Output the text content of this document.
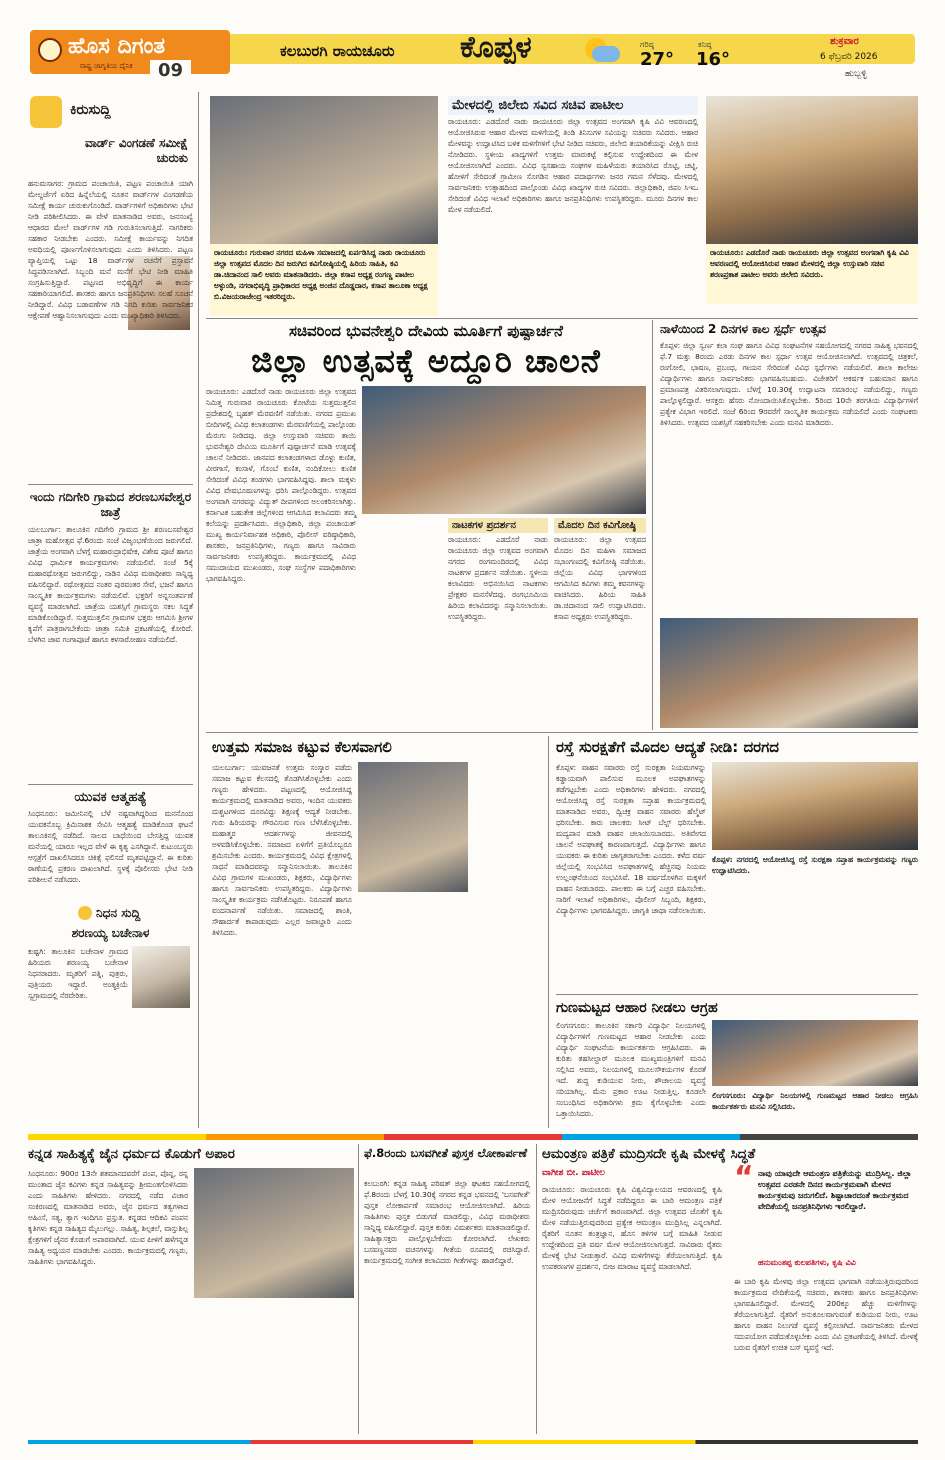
ಹೊಸ ದಿಗಂತ
ರಾಷ್ಟ್ರ ಜಾಗೃತಿಯ ದೈನಿಕ	09
ಕಲಬುರಗಿ ರಾಯಚೂರು ಕೊಪ್ಪಳ	ಗರಿಷ್ಠ
27°
ಕನಿಷ್ಠ
16°
ಶುಕ್ರವಾರ
6 ಫೆಬ್ರವರಿ 2026
ಹುಬ್ಬಳ್ಳಿ
ಕಿರುಸುದ್ದಿ
ವಾರ್ಡ್ ವಿಂಗಡಣೆ ಸಮೀಕ್ಷೆ ಚುರುಕು
ಹನುಮಸಾಗರ: ಗ್ರಾಮದ ಪಂಚಾಯಿತಿ, ಪಟ್ಟಣ ಪಂಚಾಯಿತಿ ಯಾಗಿ ಮೇಲ್ದರ್ಜೆಗೆ ಏರಿದ ಹಿನ್ನೆಲೆಯಲ್ಲಿ ನೂತನ ವಾರ್ಡ್‌ಗಳ ವಿಂಗಡಣೆಯ ಸಮೀಕ್ಷೆ ಕಾರ್ಯ ಚುರುಕುಗೊಂಡಿದೆ. ವಾರ್ಡ್‌ಗಳಿಗೆ ಅಧಿಕಾರಿಗಳು ಭೇಟಿ ನೀಡಿ ಪರಿಶೀಲಿಸಿದರು. ಈ ವೇಳೆ ಮಾತನಾಡಿದ ಅವರು, ಜನಸಂಖ್ಯೆ ಆಧಾರದ ಮೇಲೆ ವಾರ್ಡ್‌ಗಳ ಗಡಿ ಗುರುತಿಸಲಾಗುತ್ತಿದೆ. ನಾಗರಿಕರು ಸಹಕಾರ ನೀಡಬೇಕು ಎಂದರು. ಸಮೀಕ್ಷೆ ಕಾರ್ಯವನ್ನು ನಿಗದಿತ ಅವಧಿಯಲ್ಲಿ ಪೂರ್ಣಗೊಳಿಸಲಾಗುವುದು ಎಂದು ತಿಳಿಸಿದರು. ಪಟ್ಟಣ ವ್ಯಾಪ್ತಿಯಲ್ಲಿ ಒಟ್ಟು 18 ವಾರ್ಡ್‌ಗಳ ರಚನೆಗೆ ಪ್ರಸ್ತಾವನೆ ಸಿದ್ಧಪಡಿಸಲಾಗಿದೆ. ಸಿಬ್ಬಂದಿ ಮನೆ ಮನೆಗೆ ಭೇಟಿ ನೀಡಿ ಮಾಹಿತಿ ಸಂಗ್ರಹಿಸುತ್ತಿದ್ದಾರೆ. ಪಟ್ಟಣದ ಅಭಿವೃದ್ಧಿಗೆ ಈ ಕಾರ್ಯ ಸಹಕಾರಿಯಾಗಲಿದೆ. ಶಾಸಕರು ಹಾಗೂ ಜನಪ್ರತಿನಿಧಿಗಳು ಸಲಹೆ ಸೂಚನೆ ನೀಡಿದ್ದಾರೆ. ವಿವಿಧ ಬಡಾವಣೆಗಳ ಗಡಿ ನಿಗದಿ ಕುರಿತು ಸಾರ್ವಜನಿಕರ ಆಕ್ಷೇಪಣೆ ಆಹ್ವಾನಿಸಲಾಗುವುದು ಎಂದು ಮುಖ್ಯಾಧಿಕಾರಿ ತಿಳಿಸಿದರು.
ಇಂದು ಗದಿಗೇರಿ ಗ್ರಾಮದ ಶರಣಬಸವೇಶ್ವರ ಜಾತ್ರೆ
ಯಲಬುರ್ಗಾ: ತಾಲೂಕಿನ ಗದಿಗೇರಿ ಗ್ರಾಮದ ಶ್ರೀ ಶರಣಬಸವೇಶ್ವರ ಜಾತ್ರಾ ಮಹೋತ್ಸವ ಫೆ.6ರಂದು ಸಂಜೆ ವಿಜೃಂಭಣೆಯಿಂದ ಜರುಗಲಿದೆ. ಜಾತ್ರೆಯ ಅಂಗವಾಗಿ ಬೆಳಗ್ಗೆ ಮಹಾರುದ್ರಾಭಿಷೇಕ, ವಿಶೇಷ ಪೂಜೆ ಹಾಗೂ ವಿವಿಧ ಧಾರ್ಮಿಕ ಕಾರ್ಯಕ್ರಮಗಳು ನಡೆಯಲಿವೆ. ಸಂಜೆ 5ಕ್ಕೆ ಮಹಾರಥೋತ್ಸವ ಜರುಗಲಿದ್ದು, ನಾಡಿನ ವಿವಿಧ ಮಠಾಧೀಶರು ಸಾನ್ನಿಧ್ಯ ವಹಿಸಲಿದ್ದಾರೆ. ರಥೋತ್ಸವದ ನಂತರ ಪುರವಂತರ ಸೇವೆ, ಭಜನೆ ಹಾಗೂ ಸಾಂಸ್ಕೃತಿಕ ಕಾರ್ಯಕ್ರಮಗಳು ನಡೆಯಲಿವೆ. ಭಕ್ತರಿಗೆ ಅನ್ನಸಂತರ್ಪಣೆ ವ್ಯವಸ್ಥೆ ಮಾಡಲಾಗಿದೆ. ಜಾತ್ರೆಯ ಯಶಸ್ಸಿಗೆ ಗ್ರಾಮಸ್ಥರು ಸಕಲ ಸಿದ್ಧತೆ ಮಾಡಿಕೊಂಡಿದ್ದಾರೆ. ಸುತ್ತಮುತ್ತಲಿನ ಗ್ರಾಮಗಳ ಭಕ್ತರು ಆಗಮಿಸಿ ಶ್ರೀಗಳ ಕೃಪೆಗೆ ಪಾತ್ರರಾಗಬೇಕೆಂದು ಜಾತ್ರಾ ಸಮಿತಿ ಪ್ರಕಟಣೆಯಲ್ಲಿ ಕೋರಿದೆ. ಬೆಳಗಿನ ಜಾವ ಗಂಗಾಪೂಜೆ ಹಾಗೂ ಕಳಸಾರೋಹಣ ನಡೆಯಲಿದೆ.
ಯುವಕ ಆತ್ಮಹತ್ಯೆ
ಸಿಂಧನೂರು: ಜಮೀನಿನಲ್ಲಿ ಬೆಳೆ ನಷ್ಟವಾಗಿದ್ದರಿಂದ ಮನನೊಂದ ಯುವಕನೊಬ್ಬ ಕ್ರಿಮಿನಾಶಕ ಸೇವಿಸಿ ಆತ್ಮಹತ್ಯೆ ಮಾಡಿಕೊಂಡ ಘಟನೆ ತಾಲೂಕಿನಲ್ಲಿ ನಡೆದಿದೆ. ಸಾಲದ ಬಾಧೆಯಿಂದ ಬೇಸತ್ತಿದ್ದ ಯುವಕ ಮನೆಯಲ್ಲಿ ಯಾರೂ ಇಲ್ಲದ ವೇಳೆ ಈ ಕೃತ್ಯ ಎಸಗಿದ್ದಾನೆ. ಕುಟುಂಬಸ್ಥರು ಆಸ್ಪತ್ರೆಗೆ ದಾಖಲಿಸಿದರೂ ಚಿಕಿತ್ಸೆ ಫಲಿಸದೆ ಮೃತಪಟ್ಟಿದ್ದಾನೆ. ಈ ಕುರಿತು ಠಾಣೆಯಲ್ಲಿ ಪ್ರಕರಣ ದಾಖಲಾಗಿದೆ. ಸ್ಥಳಕ್ಕೆ ಪೊಲೀಸರು ಭೇಟಿ ನೀಡಿ ಪರಿಶೀಲನೆ ನಡೆಸಿದರು.
ನಿಧನ ಸುದ್ದಿ
ಶರಣಯ್ಯ ಬಚೇನಾಳ
ಕುಷ್ಟಗಿ: ತಾಲೂಕಿನ ಬಚೇನಾಳ ಗ್ರಾಮದ ಹಿರಿಯರು ಶರಣಯ್ಯ ಬಚೇನಾಳ ನಿಧನರಾದರು. ಮೃತರಿಗೆ ಪತ್ನಿ, ಪುತ್ರರು, ಪುತ್ರಿಯರು ಇದ್ದಾರೆ. ಅಂತ್ಯಕ್ರಿಯೆ ಸ್ವಗ್ರಾಮದಲ್ಲಿ ನೆರವೇರಿತು.
ರಾಯಚೂರು: ಗುರುವಾರ ನಗರದ ಮಹಿಳಾ ಸಮಾಜದಲ್ಲಿ ಏರ್ಪಡಿಸಿದ್ದ ನಾಡು ರಾಯಚೂರು ಜಿಲ್ಲಾ ಉತ್ಸವದ ಮೊದಲ ದಿನ ಜರುಗಿದ ಕವಿಗೋಷ್ಠಿಯಲ್ಲಿ ಹಿರಿಯ ಸಾಹಿತಿ, ಕವಿ ಡಾ.ಚಿದಾನಂದ ಸಾಲಿ ಅವರು ಮಾತನಾಡಿದರು. ಜಿಲ್ಲಾ ಕಸಾಪ ಅಧ್ಯಕ್ಷ ರಂಗಣ್ಣ ಪಾಟೀಲ ಅಳ್ಳುಂಡಿ, ನಗರಾಭಿವೃದ್ಧಿ ಪ್ರಾಧಿಕಾರದ ಅಧ್ಯಕ್ಷ ಅಂಜಿನ ದೊಡ್ಡದಾರ, ಕಸಾಪ ತಾಲೂಕಾ ಅಧ್ಯಕ್ಷ ಬಿ.ವಿಜಯರಾಜೇಂದ್ರ ಇತರರಿದ್ದರು.
ಮೇಳದಲ್ಲಿ ಜಿಲೇಬಿ ಸವಿದ ಸಚಿವ ಪಾಟೀಲ
ರಾಯಚೂರು: ಎಡದೊರೆ ನಾಡು ರಾಯಚೂರು ಜಿಲ್ಲಾ ಉತ್ಸವದ ಅಂಗವಾಗಿ ಕೃಷಿ ವಿವಿ ಆವರಣದಲ್ಲಿ ಆಯೋಜಿಸಿರುವ ಆಹಾರ ಮೇಳದ ಮಳಿಗೆಯಲ್ಲಿ ತಿಂಡಿ ತಿನಿಸುಗಳ ಸವಿಯನ್ನು ಸಚಿವರು ಸವಿದರು. ಆಹಾರ ಮೇಳವನ್ನು ಉದ್ಘಾಟಿಸಿದ ಬಳಿಕ ಮಳಿಗೆಗಳಿಗೆ ಭೇಟಿ ನೀಡಿದ ಸಚಿವರು, ಜಿಲೇಬಿ ತಯಾರಿಕೆಯನ್ನು ವೀಕ್ಷಿಸಿ ರುಚಿ ನೋಡಿದರು. ಸ್ಥಳೀಯ ಖಾದ್ಯಗಳಿಗೆ ಉತ್ತಮ ಮಾರುಕಟ್ಟೆ ಕಲ್ಪಿಸುವ ಉದ್ದೇಶದಿಂದ ಈ ಮೇಳ ಆಯೋಜಿಸಲಾಗಿದೆ ಎಂದರು. ವಿವಿಧ ಸ್ವಸಹಾಯ ಸಂಘಗಳ ಮಹಿಳೆಯರು ತಯಾರಿಸಿದ ರೊಟ್ಟಿ, ಚಟ್ನಿ, ಹೋಳಿಗೆ ಸೇರಿದಂತೆ ಗ್ರಾಮೀಣ ಸೊಗಡಿನ ಆಹಾರ ಪದಾರ್ಥಗಳು ಜನರ ಗಮನ ಸೆಳೆದವು. ಮೇಳದಲ್ಲಿ ಸಾರ್ವಜನಿಕರು ಉತ್ಸಾಹದಿಂದ ಪಾಲ್ಗೊಂಡು ವಿವಿಧ ಖಾದ್ಯಗಳ ರುಚಿ ಸವಿದರು. ಜಿಲ್ಲಾಧಿಕಾರಿ, ಜಿಪಂ ಸಿಇಒ ಸೇರಿದಂತೆ ವಿವಿಧ ಇಲಾಖೆ ಅಧಿಕಾರಿಗಳು ಹಾಗೂ ಜನಪ್ರತಿನಿಧಿಗಳು ಉಪಸ್ಥಿತರಿದ್ದರು. ಮೂರು ದಿನಗಳ ಕಾಲ ಮೇಳ ನಡೆಯಲಿದೆ.
ರಾಯಚೂರು: ಎಡದೊರೆ ನಾಡು ರಾಯಚೂರು ಜಿಲ್ಲಾ ಉತ್ಸವದ ಅಂಗವಾಗಿ ಕೃಷಿ ವಿವಿ ಆವರಣದಲ್ಲಿ ಆಯೋಜಿಸಿರುವ ಆಹಾರ ಮೇಳದಲ್ಲಿ ಜಿಲ್ಲಾ ಉಸ್ತುವಾರಿ ಸಚಿವ ಶರಣಪ್ರಕಾಶ ಪಾಟೀಲ ಅವರು ಜಿಲೇಬಿ ಸವಿದರು.
ಸಚಿವರಿಂದ ಭುವನೇಶ್ವರಿ ದೇವಿಯ ಮೂರ್ತಿಗೆ ಪುಷ್ಪಾರ್ಚನೆ
ಜಿಲ್ಲಾ ಉತ್ಸವಕ್ಕೆ ಅದ್ದೂರಿ ಚಾಲನೆ
ರಾಯಚೂರು: ಎಡದೊರೆ ನಾಡು ರಾಯಚೂರು ಜಿಲ್ಲಾ ಉತ್ಸವದ ನಿಮಿತ್ತ ಗುರುವಾರ ರಾಯಚೂರು ಕೋಟೆಯ ಸುತ್ತಮುತ್ತಲಿನ ಪ್ರದೇಶದಲ್ಲಿ ಬೃಹತ್ ಮೆರವಣಿಗೆ ನಡೆಯಿತು. ನಗರದ ಪ್ರಮುಖ ಬೀದಿಗಳಲ್ಲಿ ವಿವಿಧ ಕಲಾತಂಡಗಳು ಮೆರವಣಿಗೆಯಲ್ಲಿ ಪಾಲ್ಗೊಂಡು ಮೆರುಗು ನೀಡಿದವು. ಜಿಲ್ಲಾ ಉಸ್ತುವಾರಿ ಸಚಿವರು ತಾಯಿ ಭುವನೇಶ್ವರಿ ದೇವಿಯ ಮೂರ್ತಿಗೆ ಪುಷ್ಪಾರ್ಚನೆ ಮಾಡಿ ಉತ್ಸವಕ್ಕೆ ಚಾಲನೆ ನೀಡಿದರು. ಜಾನಪದ ಕಲಾತಂಡಗಳಾದ ಡೊಳ್ಳು ಕುಣಿತ, ವೀರಗಾಸೆ, ಕಂಸಾಳೆ, ಗೊಂಬೆ ಕುಣಿತ, ನಂದಿಕೋಲು ಕುಣಿತ ಸೇರಿದಂತೆ ವಿವಿಧ ತಂಡಗಳು ಭಾಗವಹಿಸಿದ್ದವು. ಶಾಲಾ ಮಕ್ಕಳು ವಿವಿಧ ವೇಷಭೂಷಣಗಳನ್ನು ಧರಿಸಿ ಪಾಲ್ಗೊಂಡಿದ್ದರು. ಉತ್ಸವದ ಅಂಗವಾಗಿ ನಗರವನ್ನು ವಿದ್ಯುತ್ ದೀಪಗಳಿಂದ ಅಲಂಕರಿಸಲಾಗಿತ್ತು. ಕರ್ನಾಟಕ ಬಹುತೇಕ ಜಿಲ್ಲೆಗಳಿಂದ ಆಗಮಿಸಿದ ಕಲಾವಿದರು ತಮ್ಮ ಕಲೆಯನ್ನು ಪ್ರದರ್ಶಿಸಿದರು. ಜಿಲ್ಲಾಧಿಕಾರಿ, ಜಿಲ್ಲಾ ಪಂಚಾಯತ್ ಮುಖ್ಯ ಕಾರ್ಯನಿರ್ವಾಹಕ ಅಧಿಕಾರಿ, ಪೊಲೀಸ್ ವರಿಷ್ಠಾಧಿಕಾರಿ, ಶಾಸಕರು, ಜನಪ್ರತಿನಿಧಿಗಳು, ಗಣ್ಯರು ಹಾಗೂ ಸಾವಿರಾರು ಸಾರ್ವಜನಿಕರು ಉಪಸ್ಥಿತರಿದ್ದರು. ಕಾರ್ಯಕ್ರಮದಲ್ಲಿ ವಿವಿಧ ಸಮುದಾಯದ ಮುಖಂಡರು, ಸಂಘ ಸಂಸ್ಥೆಗಳ ಪದಾಧಿಕಾರಿಗಳು ಭಾಗವಹಿಸಿದ್ದರು.
ನಾಟಕಗಳ ಪ್ರದರ್ಶನ
ರಾಯಚೂರು: ಎಡದೊರೆ ನಾಡು ರಾಯಚೂರು ಜಿಲ್ಲಾ ಉತ್ಸವದ ಅಂಗವಾಗಿ ನಗರದ ರಂಗಮಂದಿರದಲ್ಲಿ ವಿವಿಧ ನಾಟಕಗಳ ಪ್ರದರ್ಶನ ನಡೆಯಿತು. ಸ್ಥಳೀಯ ಕಲಾವಿದರು ಅಭಿನಯಿಸಿದ ನಾಟಕಗಳು ಪ್ರೇಕ್ಷಕರ ಮನಸೆಳೆದವು. ರಂಗಭೂಮಿಯ ಹಿರಿಯ ಕಲಾವಿದರನ್ನು ಸನ್ಮಾನಿಸಲಾಯಿತು. ಉಪಸ್ಥಿತರಿದ್ದರು.
ಮೊದಲ ದಿನ ಕವಿಗೋಷ್ಠಿ
ರಾಯಚೂರು: ಜಿಲ್ಲಾ ಉತ್ಸವದ ಮೊದಲ ದಿನ ಮಹಿಳಾ ಸಮಾಜದ ಸಭಾಂಗಣದಲ್ಲಿ ಕವಿಗೋಷ್ಠಿ ನಡೆಯಿತು. ಜಿಲ್ಲೆಯ ವಿವಿಧ ಭಾಗಗಳಿಂದ ಆಗಮಿಸಿದ ಕವಿಗಳು ತಮ್ಮ ಕವನಗಳನ್ನು ವಾಚಿಸಿದರು. ಹಿರಿಯ ಸಾಹಿತಿ ಡಾ.ಚಿದಾನಂದ ಸಾಲಿ ಉದ್ಘಾಟಿಸಿದರು. ಕಸಾಪ ಅಧ್ಯಕ್ಷರು ಉಪಸ್ಥಿತರಿದ್ದರು.
ನಾಳೆಯಿಂದ 2 ದಿನಗಳ ಕಾಲ ಸ್ಪರ್ಧೆ ಉತ್ಸವ
ಕೊಪ್ಪಳ: ಜಿಲ್ಲಾ ಸ್ವರ್ಣ ಕಲಾ ಸಂಘ ಹಾಗೂ ವಿವಿಧ ಸಂಘಟನೆಗಳ ಸಹಯೋಗದಲ್ಲಿ ನಗರದ ಸಾಹಿತ್ಯ ಭವನದಲ್ಲಿ ಫೆ.7 ಮತ್ತು 8ರಂದು ಎರಡು ದಿನಗಳ ಕಾಲ ಸ್ಪರ್ಧಾ ಉತ್ಸವ ಆಯೋಜಿಸಲಾಗಿದೆ. ಉತ್ಸವದಲ್ಲಿ ಚಿತ್ರಕಲೆ, ರಂಗೋಲಿ, ಭಾಷಣ, ಪ್ರಬಂಧ, ಗಾಯನ ಸೇರಿದಂತೆ ವಿವಿಧ ಸ್ಪರ್ಧೆಗಳು ನಡೆಯಲಿವೆ. ಶಾಲಾ ಕಾಲೇಜು ವಿದ್ಯಾರ್ಥಿಗಳು ಹಾಗೂ ಸಾರ್ವಜನಿಕರು ಭಾಗವಹಿಸಬಹುದು. ವಿಜೇತರಿಗೆ ಆಕರ್ಷಕ ಬಹುಮಾನ ಹಾಗೂ ಪ್ರಮಾಣಪತ್ರ ವಿತರಿಸಲಾಗುವುದು. ಬೆಳಗ್ಗೆ 10.30ಕ್ಕೆ ಉದ್ಘಾಟನಾ ಸಮಾರಂಭ ನಡೆಯಲಿದ್ದು, ಗಣ್ಯರು ಪಾಲ್ಗೊಳ್ಳಲಿದ್ದಾರೆ. ಆಸಕ್ತರು ಹೆಸರು ನೋಂದಾಯಿಸಿಕೊಳ್ಳಬೇಕು. 5ರಿಂದ 10ನೇ ತರಗತಿಯ ವಿದ್ಯಾರ್ಥಿಗಳಿಗೆ ಪ್ರತ್ಯೇಕ ವಿಭಾಗ ಇರಲಿದೆ. ಸಂಜೆ 6ರಿಂದ 9ರವರೆಗೆ ಸಾಂಸ್ಕೃತಿಕ ಕಾರ್ಯಕ್ರಮ ನಡೆಯಲಿದೆ ಎಂದು ಸಂಘಟಕರು ತಿಳಿಸಿದರು. ಉತ್ಸವದ ಯಶಸ್ಸಿಗೆ ಸಹಕರಿಸಬೇಕು ಎಂದು ಮನವಿ ಮಾಡಿದರು.
ಉತ್ತಮ ಸಮಾಜ ಕಟ್ಟುವ ಕೆಲಸವಾಗಲಿ
ಯಲಬುರ್ಗಾ: ಯುವಜನತೆ ಉತ್ತಮ ಸಂಸ್ಕಾರ ಪಡೆದು ಸಮಾಜ ಕಟ್ಟುವ ಕೆಲಸದಲ್ಲಿ ತೊಡಗಿಸಿಕೊಳ್ಳಬೇಕು ಎಂದು ಗಣ್ಯರು ಹೇಳಿದರು. ಪಟ್ಟಣದಲ್ಲಿ ಆಯೋಜಿಸಿದ್ದ ಕಾರ್ಯಕ್ರಮದಲ್ಲಿ ಮಾತನಾಡಿದ ಅವರು, ಇಂದಿನ ಯುವಕರು ದುಶ್ಚಟಗಳಿಂದ ದೂರವಿದ್ದು ಶಿಕ್ಷಣಕ್ಕೆ ಆದ್ಯತೆ ನೀಡಬೇಕು. ಗುರು ಹಿರಿಯರನ್ನು ಗೌರವಿಸುವ ಗುಣ ಬೆಳೆಸಿಕೊಳ್ಳಬೇಕು. ಮಹಾತ್ಮರ ಆದರ್ಶಗಳನ್ನು ಜೀವನದಲ್ಲಿ ಅಳವಡಿಸಿಕೊಳ್ಳಬೇಕು. ಸಮಾಜದ ಏಳಿಗೆಗೆ ಪ್ರತಿಯೊಬ್ಬರೂ ಶ್ರಮಿಸಬೇಕು ಎಂದರು. ಕಾರ್ಯಕ್ರಮದಲ್ಲಿ ವಿವಿಧ ಕ್ಷೇತ್ರಗಳಲ್ಲಿ ಸಾಧನೆ ಮಾಡಿದವರನ್ನು ಸನ್ಮಾನಿಸಲಾಯಿತು. ತಾಲೂಕಿನ ವಿವಿಧ ಗ್ರಾಮಗಳ ಮುಖಂಡರು, ಶಿಕ್ಷಕರು, ವಿದ್ಯಾರ್ಥಿಗಳು ಹಾಗೂ ಸಾರ್ವಜನಿಕರು ಉಪಸ್ಥಿತರಿದ್ದರು. ವಿದ್ಯಾರ್ಥಿಗಳು ಸಾಂಸ್ಕೃತಿಕ ಕಾರ್ಯಕ್ರಮ ನಡೆಸಿಕೊಟ್ಟರು. ನಿರೂಪಣೆ ಹಾಗೂ ವಂದನಾರ್ಪಣೆ ನಡೆಯಿತು. ಸಮಾಜದಲ್ಲಿ ಶಾಂತಿ, ಸೌಹಾರ್ದತೆ ಕಾಪಾಡುವುದು ಎಲ್ಲರ ಜವಾಬ್ದಾರಿ ಎಂದು ತಿಳಿಸಿದರು.
ರಸ್ತೆ ಸುರಕ್ಷತೆಗೆ ಮೊದಲ ಆದ್ಯತೆ ನೀಡಿ: ದರಗದ
ಕೊಪ್ಪಳ: ವಾಹನ ಸವಾರರು ರಸ್ತೆ ಸುರಕ್ಷತಾ ನಿಯಮಗಳನ್ನು ಕಡ್ಡಾಯವಾಗಿ ಪಾಲಿಸುವ ಮೂಲಕ ಅಪಘಾತಗಳನ್ನು ತಡೆಗಟ್ಟಬೇಕು ಎಂದು ಅಧಿಕಾರಿಗಳು ಹೇಳಿದರು. ನಗರದಲ್ಲಿ ಆಯೋಜಿಸಿದ್ದ ರಸ್ತೆ ಸುರಕ್ಷತಾ ಸಪ್ತಾಹ ಕಾರ್ಯಕ್ರಮದಲ್ಲಿ ಮಾತನಾಡಿದ ಅವರು, ದ್ವಿಚಕ್ರ ವಾಹನ ಸವಾರರು ಹೆಲ್ಮೆಟ್ ಧರಿಸಬೇಕು. ಕಾರು ಚಾಲಕರು ಸೀಟ್ ಬೆಲ್ಟ್ ಧರಿಸಬೇಕು. ಮದ್ಯಪಾನ ಮಾಡಿ ವಾಹನ ಚಲಾಯಿಸಬಾರದು. ಅತಿವೇಗದ ಚಾಲನೆ ಅಪಘಾತಕ್ಕೆ ಕಾರಣವಾಗುತ್ತದೆ. ವಿದ್ಯಾರ್ಥಿಗಳು ಹಾಗೂ ಯುವಕರು ಈ ಕುರಿತು ಜಾಗೃತರಾಗಬೇಕು ಎಂದರು. ಕಳೆದ ವರ್ಷ ಜಿಲ್ಲೆಯಲ್ಲಿ ಸಂಭವಿಸಿದ ಅಪಘಾತಗಳಲ್ಲಿ ಹೆಚ್ಚಿನವು ನಿಯಮ ಉಲ್ಲಂಘನೆಯಿಂದ ಸಂಭವಿಸಿವೆ. 18 ವರ್ಷದೊಳಗಿನ ಮಕ್ಕಳಿಗೆ ವಾಹನ ನೀಡಬಾರದು. ಪಾಲಕರು ಈ ಬಗ್ಗೆ ಎಚ್ಚರ ವಹಿಸಬೇಕು. ಸಾರಿಗೆ ಇಲಾಖೆ ಅಧಿಕಾರಿಗಳು, ಪೊಲೀಸ್ ಸಿಬ್ಬಂದಿ, ಶಿಕ್ಷಕರು, ವಿದ್ಯಾರ್ಥಿಗಳು ಭಾಗವಹಿಸಿದ್ದರು. ಜಾಗೃತಿ ಜಾಥಾ ನಡೆಸಲಾಯಿತು.
ಕೊಪ್ಪಳ: ನಗರದಲ್ಲಿ ಆಯೋಜಿಸಿದ್ದ ರಸ್ತೆ ಸುರಕ್ಷತಾ ಸಪ್ತಾಹ ಕಾರ್ಯಕ್ರಮವನ್ನು ಗಣ್ಯರು ಉದ್ಘಾಟಿಸಿದರು.
ಗುಣಮಟ್ಟದ ಆಹಾರ ನೀಡಲು ಆಗ್ರಹ
ಲಿಂಗಸಗೂರು: ತಾಲೂಕಿನ ಸರ್ಕಾರಿ ವಿದ್ಯಾರ್ಥಿ ನಿಲಯಗಳಲ್ಲಿ ವಿದ್ಯಾರ್ಥಿಗಳಿಗೆ ಗುಣಮಟ್ಟದ ಆಹಾರ ನೀಡಬೇಕು ಎಂದು ವಿದ್ಯಾರ್ಥಿ ಸಂಘಟನೆಯ ಕಾರ್ಯಕರ್ತರು ಆಗ್ರಹಿಸಿದರು. ಈ ಕುರಿತು ತಹಸೀಲ್ದಾರ್ ಮೂಲಕ ಮುಖ್ಯಮಂತ್ರಿಗಳಿಗೆ ಮನವಿ ಸಲ್ಲಿಸಿದ ಅವರು, ನಿಲಯಗಳಲ್ಲಿ ಮೂಲಸೌಕರ್ಯಗಳ ಕೊರತೆ ಇದೆ. ಶುದ್ಧ ಕುಡಿಯುವ ನೀರು, ಶೌಚಾಲಯ ವ್ಯವಸ್ಥೆ ಸರಿಯಾಗಿಲ್ಲ. ಮೆನು ಪ್ರಕಾರ ಊಟ ನೀಡುತ್ತಿಲ್ಲ. ಕೂಡಲೇ ಸಂಬಂಧಿಸಿದ ಅಧಿಕಾರಿಗಳು ಕ್ರಮ ಕೈಗೊಳ್ಳಬೇಕು ಎಂದು ಒತ್ತಾಯಿಸಿದರು.
ಲಿಂಗಸಗೂರು: ವಿದ್ಯಾರ್ಥಿ ನಿಲಯಗಳಲ್ಲಿ ಗುಣಮಟ್ಟದ ಆಹಾರ ನೀಡಲು ಆಗ್ರಹಿಸಿ ಕಾರ್ಯಕರ್ತರು ಮನವಿ ಸಲ್ಲಿಸಿದರು.
ಕನ್ನಡ ಸಾಹಿತ್ಯಕ್ಕೆ ಜೈನ ಧರ್ಮದ ಕೊಡುಗೆ ಅಪಾರ
ಸಿಂಧನೂರು: 900ರ 13ನೇ ಶತಮಾನದವರೆಗೆ ಪಂಪ, ಪೊನ್ನ, ರನ್ನ ಮುಂತಾದ ಜೈನ ಕವಿಗಳು ಕನ್ನಡ ಸಾಹಿತ್ಯವನ್ನು ಶ್ರೀಮಂತಗೊಳಿಸಿದರು ಎಂದು ಸಾಹಿತಿಗಳು ಹೇಳಿದರು. ನಗರದಲ್ಲಿ ನಡೆದ ವಿಚಾರ ಸಂಕಿರಣದಲ್ಲಿ ಮಾತನಾಡಿದ ಅವರು, ಜೈನ ಧರ್ಮದ ತತ್ವಗಳಾದ ಅಹಿಂಸೆ, ಸತ್ಯ, ತ್ಯಾಗ ಇಂದಿಗೂ ಪ್ರಸ್ತುತ. ಕನ್ನಡದ ಆದಿಕವಿ ಪಂಪನ ಕೃತಿಗಳು ಕನ್ನಡ ಸಾಹಿತ್ಯದ ಮೈಲುಗಲ್ಲು. ಸಾಹಿತ್ಯ, ಶಿಲ್ಪಕಲೆ, ವಾಸ್ತುಶಿಲ್ಪ ಕ್ಷೇತ್ರಗಳಿಗೆ ಜೈನರ ಕೊಡುಗೆ ಅಪಾರವಾಗಿದೆ. ಯುವ ಪೀಳಿಗೆ ಹಳೆಗನ್ನಡ ಸಾಹಿತ್ಯ ಅಧ್ಯಯನ ಮಾಡಬೇಕು ಎಂದರು. ಕಾರ್ಯಕ್ರಮದಲ್ಲಿ ಗಣ್ಯರು, ಸಾಹಿತಿಗಳು ಭಾಗವಹಿಸಿದ್ದರು.
ಫೆ.8ರಂದು ಬಸವಗೀತೆ ಪುಸ್ತಕ ಲೋಕಾರ್ಪಣೆ
ಕಲಬುರಗಿ: ಕನ್ನಡ ಸಾಹಿತ್ಯ ಪರಿಷತ್ ಜಿಲ್ಲಾ ಘಟಕದ ಸಹಯೋಗದಲ್ಲಿ ಫೆ.8ರಂದು ಬೆಳಗ್ಗೆ 10.30ಕ್ಕೆ ನಗರದ ಕನ್ನಡ ಭವನದಲ್ಲಿ 'ಬಸವಗೀತೆ' ಪುಸ್ತಕ ಲೋಕಾರ್ಪಣೆ ಸಮಾರಂಭ ಆಯೋಜಿಸಲಾಗಿದೆ. ಹಿರಿಯ ಸಾಹಿತಿಗಳು ಪುಸ್ತಕ ಬಿಡುಗಡೆ ಮಾಡಲಿದ್ದು, ವಿವಿಧ ಮಠಾಧೀಶರು ಸಾನ್ನಿಧ್ಯ ವಹಿಸಲಿದ್ದಾರೆ. ಪುಸ್ತಕ ಕುರಿತು ವಿಮರ್ಶಕರು ಮಾತನಾಡಲಿದ್ದಾರೆ. ಸಾಹಿತ್ಯಾಸಕ್ತರು ಪಾಲ್ಗೊಳ್ಳಬೇಕೆಂದು ಕೋರಲಾಗಿದೆ. ಲೇಖಕರು ಬಸವಣ್ಣನವರ ವಚನಗಳನ್ನು ಗೀತೆಯ ರೂಪದಲ್ಲಿ ರಚಿಸಿದ್ದಾರೆ. ಕಾರ್ಯಕ್ರಮದಲ್ಲಿ ಸಂಗೀತ ಕಲಾವಿದರು ಗೀತೆಗಳನ್ನು ಹಾಡಲಿದ್ದಾರೆ.
ಆಮಂತ್ರಣ ಪತ್ರಿಕೆ ಮುದ್ರಿಸದೇ ಕೃಷಿ ಮೇಳಕ್ಕೆ ಸಿದ್ಧತೆ
ವಾಗೀಶ ಬೀ. ಪಾಟೀಲ
ರಾಯಚೂರು: ರಾಯಚೂರು ಕೃಷಿ ವಿಶ್ವವಿದ್ಯಾಲಯದ ಆವರಣದಲ್ಲಿ ಕೃಷಿ ಮೇಳ ಆಯೋಜನೆಗೆ ಸಿದ್ಧತೆ ನಡೆದಿದ್ದರೂ ಈ ಬಾರಿ ಆಮಂತ್ರಣ ಪತ್ರಿಕೆ ಮುದ್ರಿಸದಿರುವುದು ಚರ್ಚೆಗೆ ಕಾರಣವಾಗಿದೆ. ಜಿಲ್ಲಾ ಉತ್ಸವದ ಜೊತೆಗೆ ಕೃಷಿ ಮೇಳ ನಡೆಯುತ್ತಿರುವುದರಿಂದ ಪ್ರತ್ಯೇಕ ಆಮಂತ್ರಣ ಮುದ್ರಿಸಿಲ್ಲ ಎನ್ನಲಾಗಿದೆ. ರೈತರಿಗೆ ನೂತನ ತಂತ್ರಜ್ಞಾನ, ಹೊಸ ತಳಿಗಳ ಬಗ್ಗೆ ಮಾಹಿತಿ ನೀಡುವ ಉದ್ದೇಶದಿಂದ ಪ್ರತಿ ವರ್ಷ ಮೇಳ ಆಯೋಜಿಸಲಾಗುತ್ತದೆ. ಸಾವಿರಾರು ರೈತರು ಮೇಳಕ್ಕೆ ಭೇಟಿ ನೀಡುತ್ತಾರೆ. ವಿವಿಧ ಮಳಿಗೆಗಳನ್ನು ತೆರೆಯಲಾಗುತ್ತಿದೆ. ಕೃಷಿ ಉಪಕರಣಗಳ ಪ್ರದರ್ಶನ, ಬೀಜ ಮಾರಾಟ ವ್ಯವಸ್ಥೆ ಮಾಡಲಾಗಿದೆ.
“ ನಾವು ಯಾವುದೇ ಆಮಂತ್ರಣ ಪತ್ರಿಕೆಯನ್ನು ಮುದ್ರಿಸಿಲ್ಲ. ಜಿಲ್ಲಾ ಉತ್ಸವದ ಎರಡನೇ ದಿನದ ಕಾರ್ಯಕ್ರಮವಾಗಿ ಮೇಳದ ಕಾರ್ಯಕ್ರಮವು ಜರುಗಲಿದೆ. ಶಿಷ್ಟಾಚಾರದಂತೆ ಕಾರ್ಯಕ್ರಮದ ವೇದಿಕೆಯಲ್ಲಿ ಜನಪ್ರತಿನಿಧಿಗಳು ಇರಲಿದ್ದಾರೆ.
ಹನುಮಂತಪ್ಪ ಕುಲಪತಿಗಳು, ಕೃಷಿ ವಿವಿ
ಈ ಬಾರಿ ಕೃಷಿ ಮೇಳವು ಜಿಲ್ಲಾ ಉತ್ಸವದ ಭಾಗವಾಗಿ ನಡೆಯುತ್ತಿರುವುದರಿಂದ ಕಾರ್ಯಕ್ರಮದ ವೇದಿಕೆಯಲ್ಲಿ ಸಚಿವರು, ಶಾಸಕರು ಹಾಗೂ ಜನಪ್ರತಿನಿಧಿಗಳು ಭಾಗವಹಿಸಲಿದ್ದಾರೆ. ಮೇಳದಲ್ಲಿ 200ಕ್ಕೂ ಹೆಚ್ಚು ಮಳಿಗೆಗಳನ್ನು ತೆರೆಯಲಾಗುತ್ತಿದೆ. ರೈತರಿಗೆ ಅನುಕೂಲವಾಗುವಂತೆ ಕುಡಿಯುವ ನೀರು, ಊಟ ಹಾಗೂ ವಾಹನ ನಿಲುಗಡೆ ವ್ಯವಸ್ಥೆ ಕಲ್ಪಿಸಲಾಗಿದೆ. ಸಾರ್ವಜನಿಕರು ಮೇಳದ ಸದುಪಯೋಗ ಪಡೆದುಕೊಳ್ಳಬೇಕು ಎಂದು ವಿವಿ ಪ್ರಕಟಣೆಯಲ್ಲಿ ತಿಳಿಸಿದೆ. ಮೇಳಕ್ಕೆ ಬರುವ ರೈತರಿಗೆ ಉಚಿತ ಬಸ್ ವ್ಯವಸ್ಥೆ ಇದೆ.
